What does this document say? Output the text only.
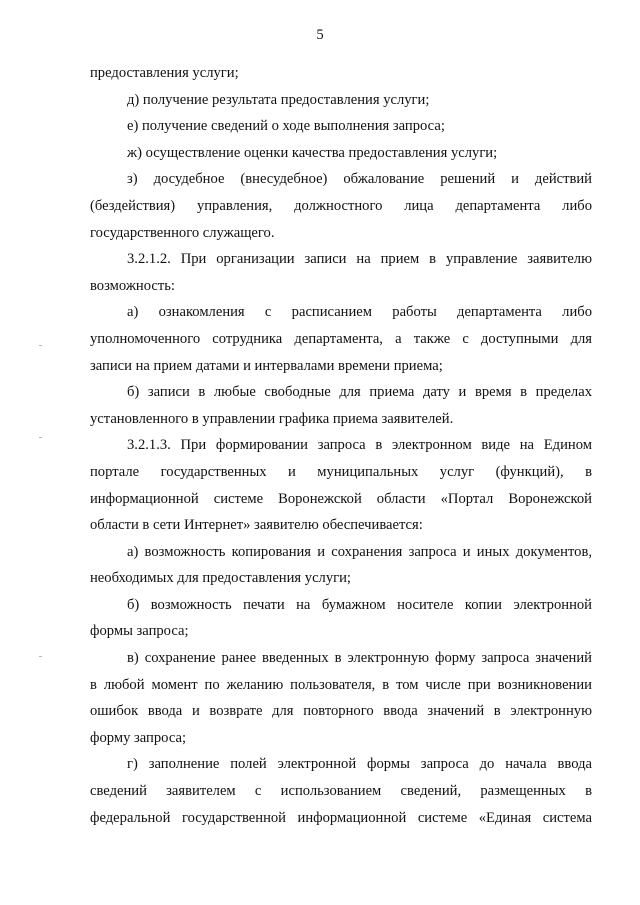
5
предоставления услуги;
д) получение результата предоставления услуги;
е) получение сведений о ходе выполнения запроса;
ж) осуществление оценки качества предоставления услуги;
з) досудебное (внесудебное) обжалование решений и действий
(бездействия) управления, должностного лица департамента либо
государственного служащего.
3.2.1.2. При организации записи на прием в управление заявителю
возможность:
а) ознакомления с расписанием работы департамента либо
уполномоченного сотрудника департамента, а также с доступными для
записи на прием датами и интервалами времени приема;
б) записи в любые свободные для приема дату и время в пределах
установленного в управлении графика приема заявителей.
3.2.1.3. При формировании запроса в электронном виде на Едином
портале государственных и муниципальных услуг (функций), в
информационной системе Воронежской области «Портал Воронежской
области в сети Интернет» заявителю обеспечивается:
а) возможность копирования и сохранения запроса и иных документов,
необходимых для предоставления услуги;
б) возможность печати на бумажном носителе копии электронной
формы запроса;
в) сохранение ранее введенных в электронную форму запроса значений
в любой момент по желанию пользователя, в том числе при возникновении
ошибок ввода и возврате для повторного ввода значений в электронную
форму запроса;
г) заполнение полей электронной формы запроса до начала ввода
сведений заявителем с использованием сведений, размещенных в
федеральной государственной информационной системе «Единая система
